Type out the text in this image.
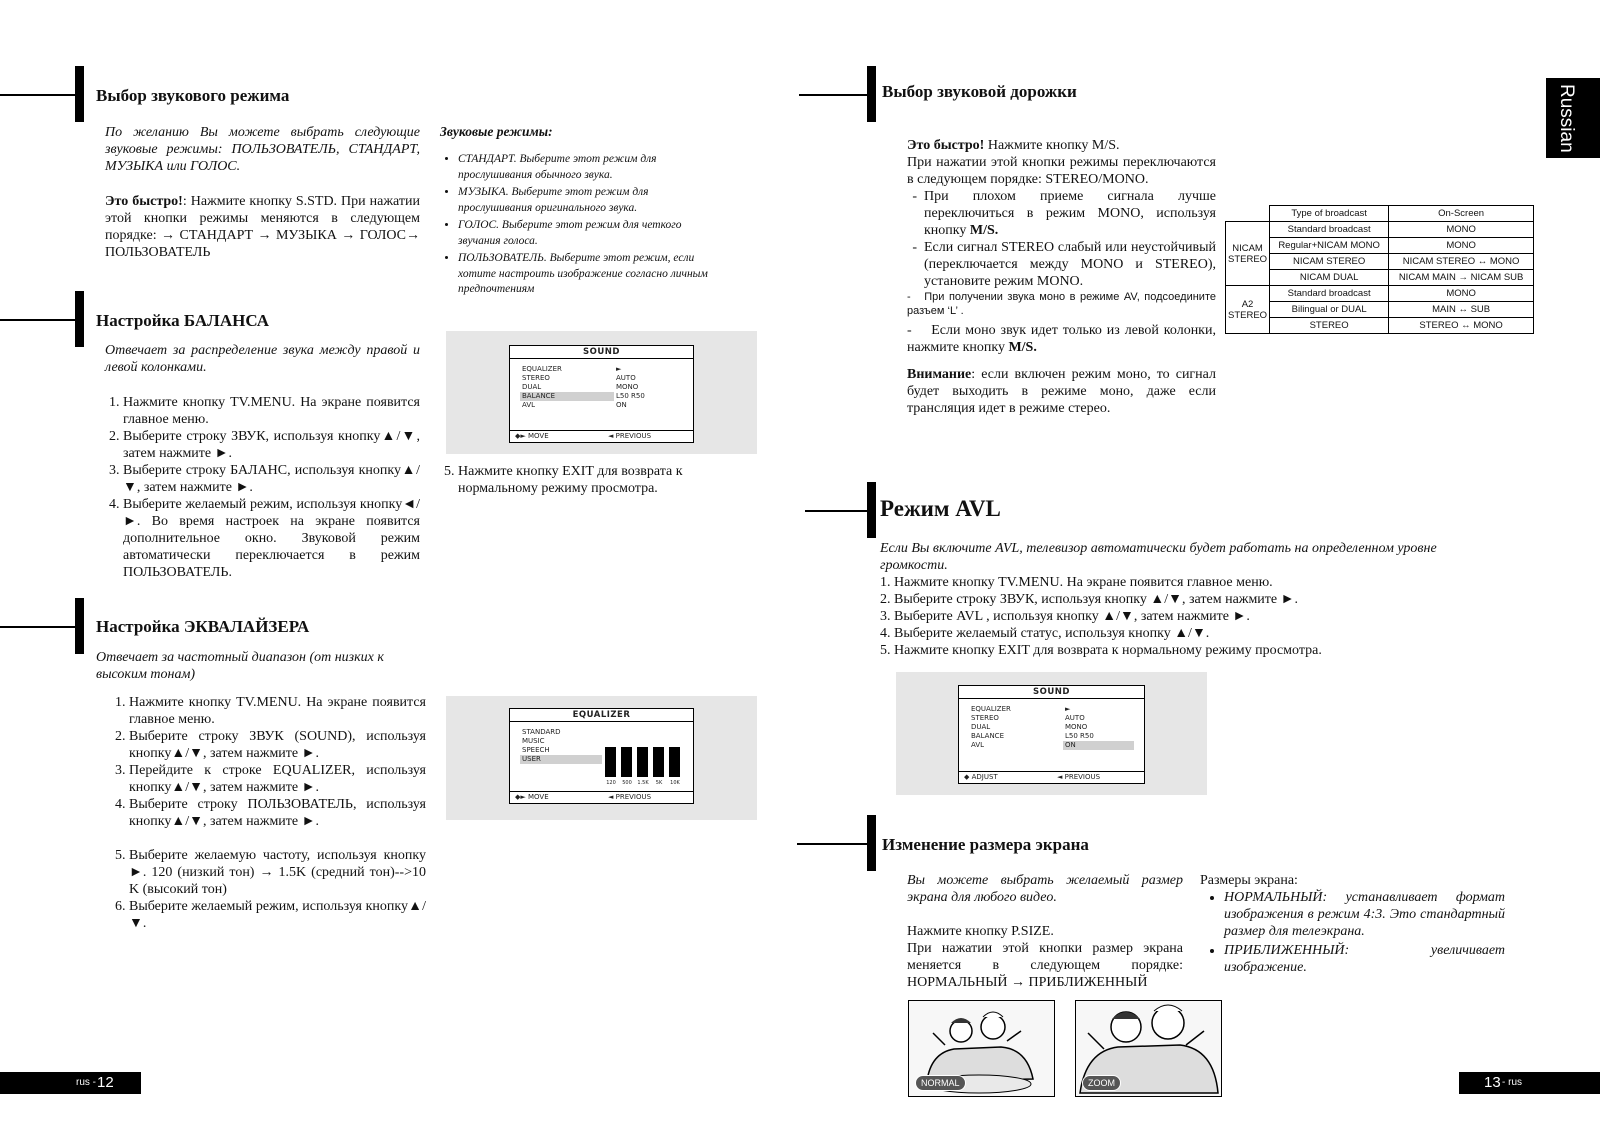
Russian
Выбор звукового режима
По желанию Вы можете выбрать следующие звуковые режимы: ПОЛЬЗОВАТЕЛЬ, СТАНДАРТ, МУЗЫКА или ГОЛОС.
Это быстро!: Нажмите кнопку S.STD. При нажатии этой кнопки режимы меняются в следующем порядке: → СТАНДАРТ → МУЗЫКА → ГОЛОС→ ПОЛЬЗОВАТЕЛЬ
Звуковые режимы:
• СТАНДАРТ. Выберите этот режим для прослушивания обычного звука.
• МУЗЫКА. Выберите этот режим для прослушивания оригинального звука.
• ГОЛОС. Выберите этот режим для четкого звучания голоса.
• ПОЛЬЗОВАТЕЛЬ. Выберите этот режим, если хотите настроить изображение согласно личным предпочтениям
Настройка БАЛАНСА
Отвечает за распределение звука между правой и левой колонками.
1. Нажмите кнопку TV.MENU. На экране появится главное меню.
2. Выберите строку ЗВУК, используя кнопку▲/▼, затем нажмите ►.
3. Выберите строку БАЛАНС, используя кнопку▲/▼, затем нажмите ►.
4. Выберите желаемый режим, используя кнопку◄/►. Во время настроек на экране появится дополнительное окно. Звуковой режим автоматически переключается в режим ПОЛЬЗОВАТЕЛЬ.
SOUND
EQUALIZER	►
STEREO	AUTO
DUAL	MONO
BALANCE	L50 R50
AVL	ON
◆► MOVE	◄ PREVIOUS
5. Нажмите кнопку EXIT для возврата к нормальному режиму просмотра.
Настройка ЭКВАЛАЙЗЕРА
Отвечает за частотный диапазон (от низких к высоким тонам)
1. Нажмите кнопку TV.MENU. На экране появится главное меню.
2. Выберите строку ЗВУК (SOUND), используя кнопку▲/▼, затем нажмите ►.
3. Перейдите к строке EQUALIZER, используя кнопку▲/▼, затем нажмите ►.
4. Выберите строку ПОЛЬЗОВАТЕЛЬ, используя кнопку▲/▼, затем нажмите ►.
5. Выберите желаемую частоту, используя кнопку ►. 120 (низкий тон) → 1.5K (средний тон)-->10 K (высокий тон)
6. Выберите желаемый режим, используя кнопку▲/▼.
EQUALIZER
STANDARD
MUSIC
SPEECH
USER
120	500	1.5K	5K	10K
◆► MOVE	◄ PREVIOUS
rus - 12
Выбор звуковой дорожки

Это быстро! Нажмите кнопку M/S.

При нажатии этой кнопки режимы переключаются в следующем порядке: STEREO/MONO.

- При плохом приеме сигнала лучше переключиться в режим MONO, используя кнопку M/S.
- Если сигнал STEREO слабый или неустойчивый (переключается между MONO и STEREO), установите режим MONO.

-   При получении звука моно в режиме AV, подсоедините разъем ‘L’ .

-    Если моно звук идет только из левой колонки, нажмите кнопку M/S.

Внимание: если включен режим моно, то сигнал будет выходить в режиме моно, даже если трансляция идет в режиме стерео.

	Type of broadcast	On-Screen
NICAM STEREO	Standard broadcast	MONO
	Regular+NICAM MONO	MONO
	NICAM STEREO	NICAM STEREO ↔ MONO
	NICAM DUAL	NICAM MAIN → NICAM SUB
A2 STEREO	Standard broadcast	MONO
	Bilingual or DUAL	MAIN ↔ SUB
	STEREO	STEREO ↔ MONO
Режим AVL
Если Вы включите AVL, телевизор автоматически будет работать на определенном уровне громкости.

1. Нажмите кнопку TV.MENU. На экране появится главное меню.

2. Выберите строку ЗВУК, используя кнопку ▲/▼, затем нажмите ►.

3. Выберите AVL , используя кнопку ▲/▼, затем нажмите ►.

4. Выберите желаемый статус, используя кнопку ▲/▼.

5. Нажмите кнопку EXIT для возврата к нормальному режиму просмотра.

SOUND
EQUALIZER	►
STEREO	AUTO
DUAL	MONO
BALANCE	L50 R50
AVL	ON
◆ ADJUST	◄ PREVIOUS
Изменение размера экрана

Вы можете выбрать желаемый размер экрана для любого видео.

Нажмите кнопку P.SIZE.

При нажатии этой кнопки размер экрана меняется в следующем порядке: НОРМАЛЬНЫЙ → ПРИБЛИЖЕННЫЙ

Размеры экрана:

• НОРМАЛЬНЫЙ: устанавливает формат изображения в режим 4:3. Это стандартный размер для телеэкрана.
• ПРИБЛИЖЕННЫЙ: увеличивает изображение.
NORMAL	ZOOM	13 - rus
